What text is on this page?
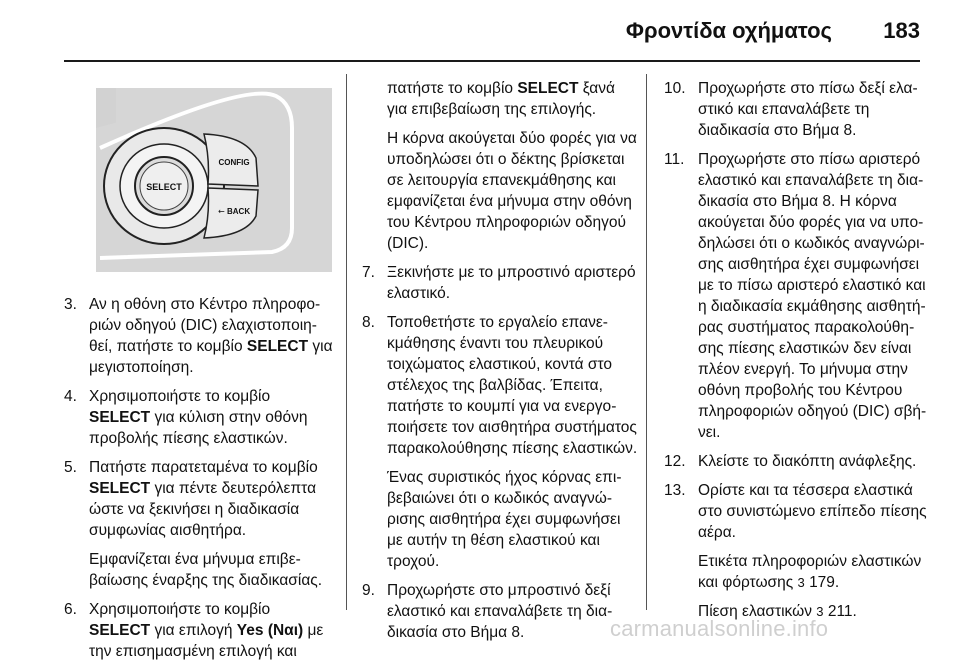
Φροντίδα οχήματος 183
SELECT
CONFIG
← BACK
3. Αν η οθόνη στο Κέντρο πληροφοριών οδηγού (DIC) ελαχιστοποιηθεί, πατήστε το κομβίο SELECT για μεγιστοποίηση.

4. Χρησιμοποιήστε το κομβίο SELECT για κύλιση στην οθόνη προβολής πίεσης ελαστικών.

5. Πατήστε παρατεταμένα το κομβίο SELECT για πέντε δευτερόλεπτα ώστε να ξεκινήσει η διαδικασία συμφωνίας αισθητήρα.

Εμφανίζεται ένα μήνυμα επιβεβαίωσης έναρξης της διαδικασίας.

6. Χρησιμοποιήστε το κομβίο SELECT για επιλογή Yes (Ναι) με την επισημασμένη επιλογή και

πατήστε το κομβίο SELECT ξανά για επιβεβαίωση της επιλογής.

Η κόρνα ακούγεται δύο φορές για να υποδηλώσει ότι ο δέκτης βρίσκεται σε λειτουργία επανεκμάθησης και εμφανίζεται ένα μήνυμα στην οθόνη του Κέντρου πληροφοριών οδηγού (DIC).

7. Ξεκινήστε με το μπροστινό αριστερό ελαστικό.

8. Τοποθετήστε το εργαλείο επανεκμάθησης έναντι του πλευρικού τοιχώματος ελαστικού, κοντά στο στέλεχος της βαλβίδας. Έπειτα, πατήστε το κουμπί για να ενεργοποιήσετε τον αισθητήρα συστήματος παρακολούθησης πίεσης ελαστικών.

Ένας συριστικός ήχος κόρνας επιβεβαιώνει ότι ο κωδικός αναγνώρισης αισθητήρα έχει συμφωνήσει με αυτήν τη θέση ελαστικού και τροχού.

9. Προχωρήστε στο μπροστινό δεξί ελαστικό και επαναλάβετε τη διαδικασία στο Βήμα 8.

10. Προχωρήστε στο πίσω δεξί ελαστικό και επαναλάβετε τη διαδικασία στο Βήμα 8.

11. Προχωρήστε στο πίσω αριστερό ελαστικό και επαναλάβετε τη διαδικασία στο Βήμα 8. Η κόρνα ακούγεται δύο φορές για να υποδηλώσει ότι ο κωδικός αναγνώρισης αισθητήρα έχει συμφωνήσει με το πίσω αριστερό ελαστικό και η διαδικασία εκμάθησης αισθητήρας συστήματος παρακολούθησης πίεσης ελαστικών δεν είναι πλέον ενεργή. Το μήνυμα στην οθόνη προβολής του Κέντρου πληροφοριών οδηγού (DIC) σβήνει.

12. Κλείστε το διακόπτη ανάφλεξης.

13. Ορίστε και τα τέσσερα ελαστικά στο συνιστώμενο επίπεδο πίεσης αέρα.

Ετικέτα πληροφοριών ελαστικών και φόρτωσης 3 179.

Πίεση ελαστικών 3 211.

carmanualsonline.info
